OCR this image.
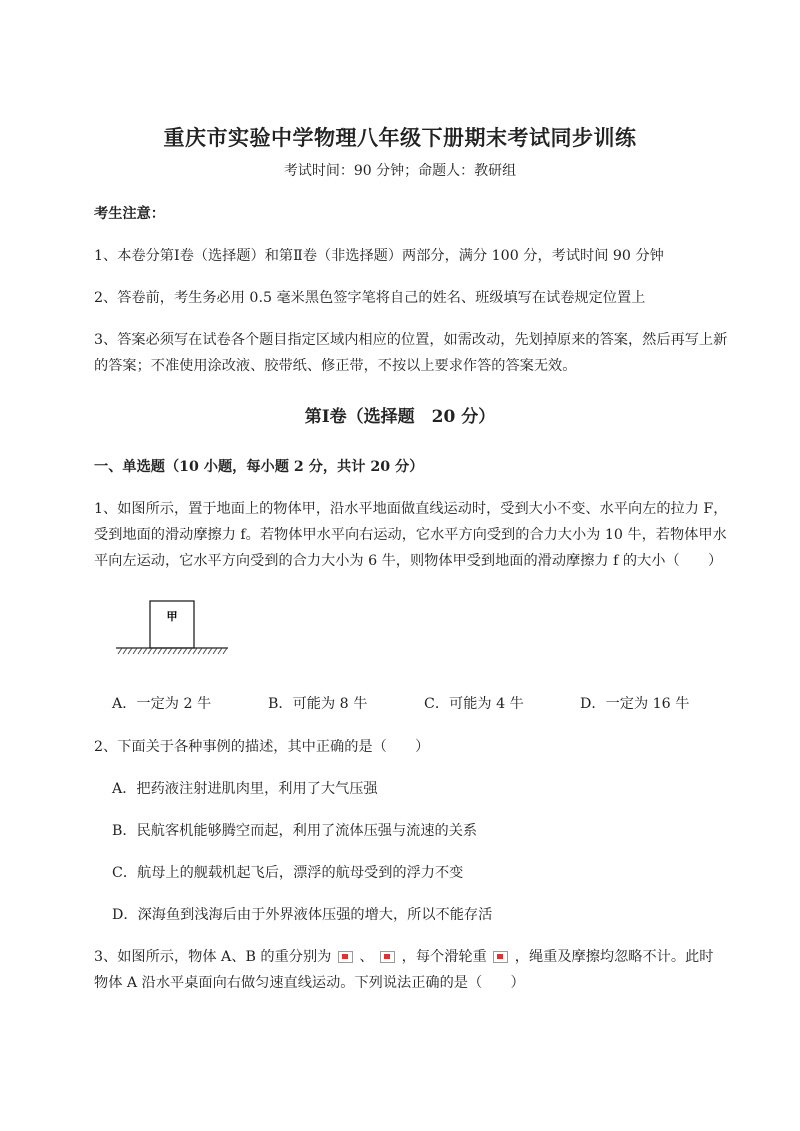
重庆市实验中学物理八年级下册期末考试同步训练
考试时间：90 分钟；命题人：教研组
考生注意：
1、本卷分第Ⅰ卷（选择题）和第Ⅱ卷（非选择题）两部分，满分 100 分，考试时间 90 分钟
2、答卷前，考生务必用 0.5 毫米黑色签字笔将自己的姓名、班级填写在试卷规定位置上
3、答案必须写在试卷各个题目指定区域内相应的位置，如需改动，先划掉原来的答案，然后再写上新
的答案；不准使用涂改液、胶带纸、修正带，不按以上要求作答的答案无效。
第Ⅰ卷（选择题　20 分）
一、单选题（10 小题，每小题 2 分，共计 20 分）
1、如图所示，置于地面上的物体甲，沿水平地面做直线运动时，受到大小不变、水平向左的拉力 F，
受到地面的滑动摩擦力 f。若物体甲水平向右运动，它水平方向受到的合力大小为 10 牛，若物体甲水
平向左运动，它水平方向受到的合力大小为 6 牛，则物体甲受到地面的滑动摩擦力 f 的大小（　　）
甲
A．一定为 2 牛	B．可能为 8 牛	C．可能为 4 牛	D．一定为 16 牛
2、下面关于各种事例的描述，其中正确的是（　　）
A．把药液注射进肌肉里，利用了大气压强
B．民航客机能够腾空而起，利用了流体压强与流速的关系
C．航母上的舰载机起飞后，漂浮的航母受到的浮力不变
D．深海鱼到浅海后由于外界液体压强的增大，所以不能存活
3、如图所示，物体 A、B 的重分别为 、 ，每个滑轮重 ，绳重及摩擦均忽略不计。此时
物体 A 沿水平桌面向右做匀速直线运动。下列说法正确的是（　　）
